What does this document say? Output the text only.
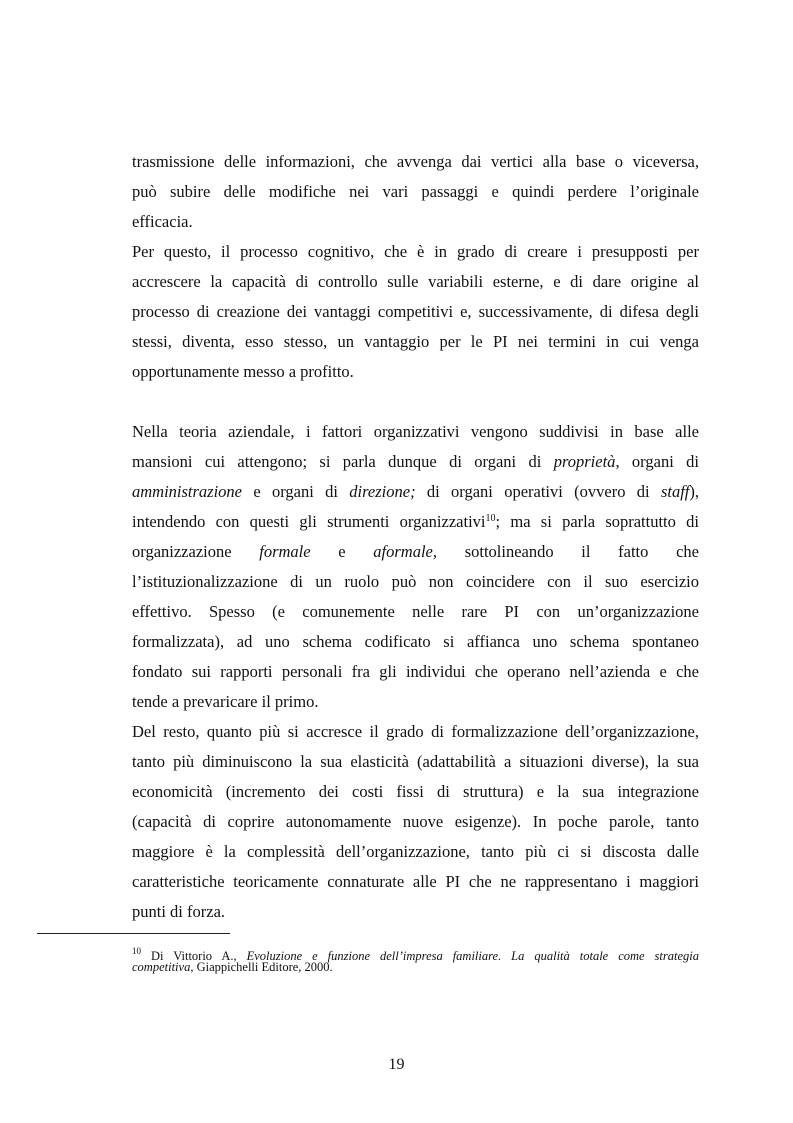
trasmissione delle informazioni, che avvenga dai vertici alla base o viceversa,
può subire delle modifiche nei vari passaggi e quindi perdere l’originale
efficacia.
Per questo, il processo cognitivo, che è in grado di creare i presupposti per
accrescere la capacità di controllo sulle variabili esterne, e di dare origine al
processo di creazione dei vantaggi competitivi e, successivamente, di difesa degli
stessi, diventa, esso stesso, un vantaggio per le PI nei termini in cui venga
opportunamente messo a profitto.
Nella teoria aziendale, i fattori organizzativi vengono suddivisi in base alle
mansioni cui attengono; si parla dunque di organi di proprietà, organi di
amministrazione e organi di direzione; di organi operativi (ovvero di staff),
intendendo con questi gli strumenti organizzativi$^{10}$; ma si parla soprattutto di
organizzazione formale e aformale, sottolineando il fatto che
l’istituzionalizzazione di un ruolo può non coincidere con il suo esercizio
effettivo. Spesso (e comunemente nelle rare PI con un’organizzazione
formalizzata), ad uno schema codificato si affianca uno schema spontaneo
fondato sui rapporti personali fra gli individui che operano nell’azienda e che
tende a prevaricare il primo.
Del resto, quanto più si accresce il grado di formalizzazione dell’organizzazione,
tanto più diminuiscono la sua elasticità (adattabilità a situazioni diverse), la sua
economicità (incremento dei costi fissi di struttura) e la sua integrazione
(capacità di coprire autonomamente nuove esigenze). In poche parole, tanto
maggiore è la complessità dell’organizzazione, tanto più ci si discosta dalle
caratteristiche teoricamente connaturate alle PI che ne rappresentano i maggiori
punti di forza.
$^{10}$ Di Vittorio A., Evoluzione e funzione dell’impresa familiare. La qualità totale come strategia
competitiva, Giappichelli Editore, 2000.
19
